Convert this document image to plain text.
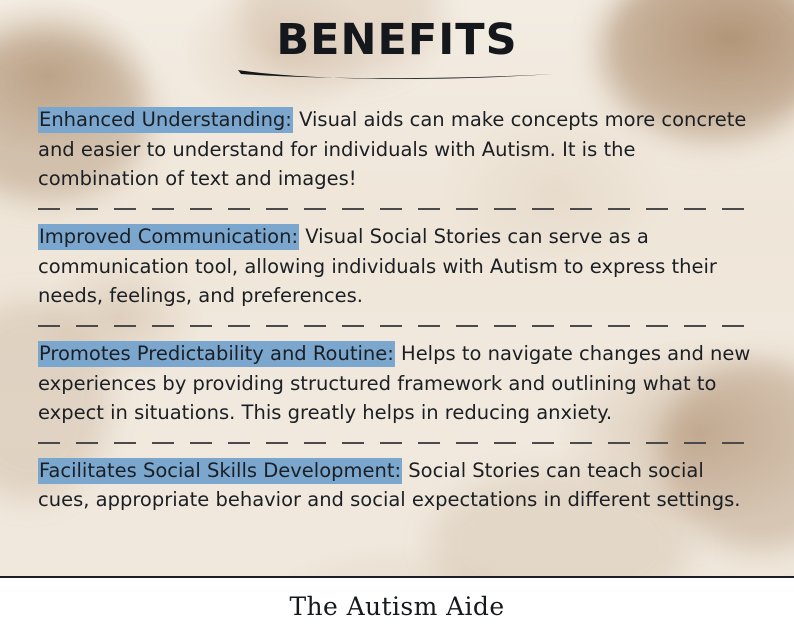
BENEFITS

Enhanced Understanding: Visual aids can make concepts more concrete and easier to understand for individuals with Autism. It is the combination of text and images!

Improved Communication: Visual Social Stories can serve as a communication tool, allowing individuals with Autism to express their needs, feelings, and preferences.

Promotes Predictability and Routine: Helps to navigate changes and new experiences by providing structured framework and outlining what to expect in situations. This greatly helps in reducing anxiety.

Facilitates Social Skills Development: Social Stories can teach social cues, appropriate behavior and social expectations in different settings.

The Autism Aide
